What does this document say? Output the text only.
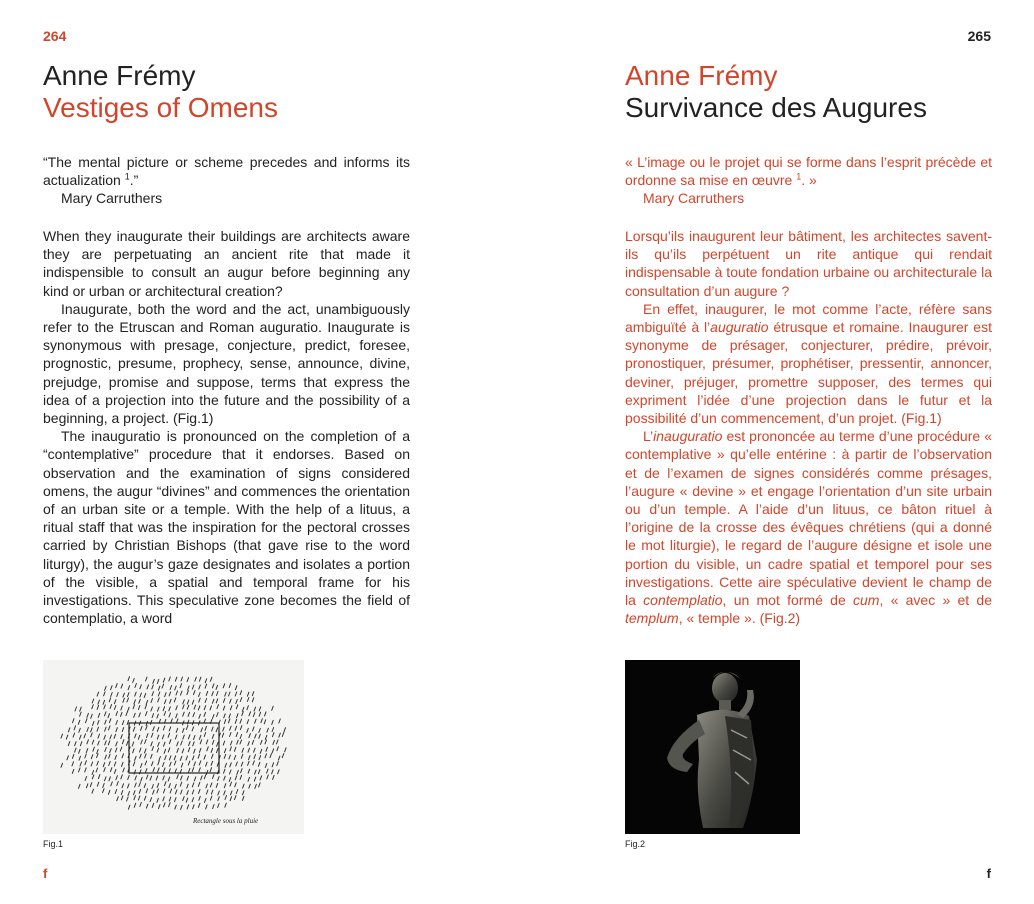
264
Anne Frémy
Vestiges of Omens
“The mental picture or scheme precedes and informs its actualization $^1$.”
Mary Carruthers

When they inaugurate their buildings are architects aware they are perpetuating an ancient rite that made it indispensible to consult an augur before beginning any kind or urban or architectural creation?

Inaugurate, both the word and the act, unambiguously refer to the Etruscan and Roman auguratio. Inaugurate is synonymous with presage, conjecture, predict, foresee, prognostic, presume, prophecy, sense, announce, divine, prejudge, promise and suppose, terms that express the idea of a projection into the future and the possibility of a beginning, a project. (Fig.1)

The inauguratio is pronounced on the completion of a “contemplative” procedure that it endorses. Based on observation and the examination of signs considered omens, the augur “divines” and commences the orientation of an urban site or a temple. With the help of a lituus, a ritual staff that was the inspiration for the pectoral crosses carried by Christian Bishops (that gave rise to the word liturgy), the augur’s gaze designates and isolates a portion of the visible, a spatial and temporal frame for his investigations. This speculative zone becomes the field of contemplatio, a word

Rectangle sous la pluie
Fig.1
f
265
Anne Frémy
Survivance des Augures
« L’image ou le projet qui se forme dans l’esprit précède et ordonne sa mise en œuvre $^1$. »
Mary Carruthers

Lorsqu’ils inaugurent leur bâtiment, les architectes savent-ils qu’ils perpétuent un rite antique qui rendait indispensable à toute fondation urbaine ou architecturale la consultation d’un augure ?

En effet, inaugurer, le mot comme l’acte, réfère sans ambiguïté à l’auguratio étrusque et romaine. Inaugurer est synonyme de présager, conjecturer, prédire, prévoir, pronostiquer, présumer, prophétiser, pressentir, annoncer, deviner, préjuger, promettre supposer, des termes qui expriment l’idée d’une projection dans le futur et la possibilité d’un commencement, d’un projet. (Fig.1)

L’inauguratio est prononcée au terme d’une procédure « contemplative » qu’elle entérine : à partir de l’observation et de l’examen de signes considérés comme présages, l’augure « devine » et engage l’orientation d’un site urbain ou d’un temple. A l’aide d’un lituus, ce bâton rituel à l’origine de la crosse des évêques chrétiens (qui a donné le mot liturgie), le regard de l’augure désigne et isole une portion du visible, un cadre spatial et temporel pour ses investigations. Cette aire spéculative devient le champ de la contemplatio, un mot formé de cum, « avec » et de templum, « temple ». (Fig.2)

Fig.2
f
